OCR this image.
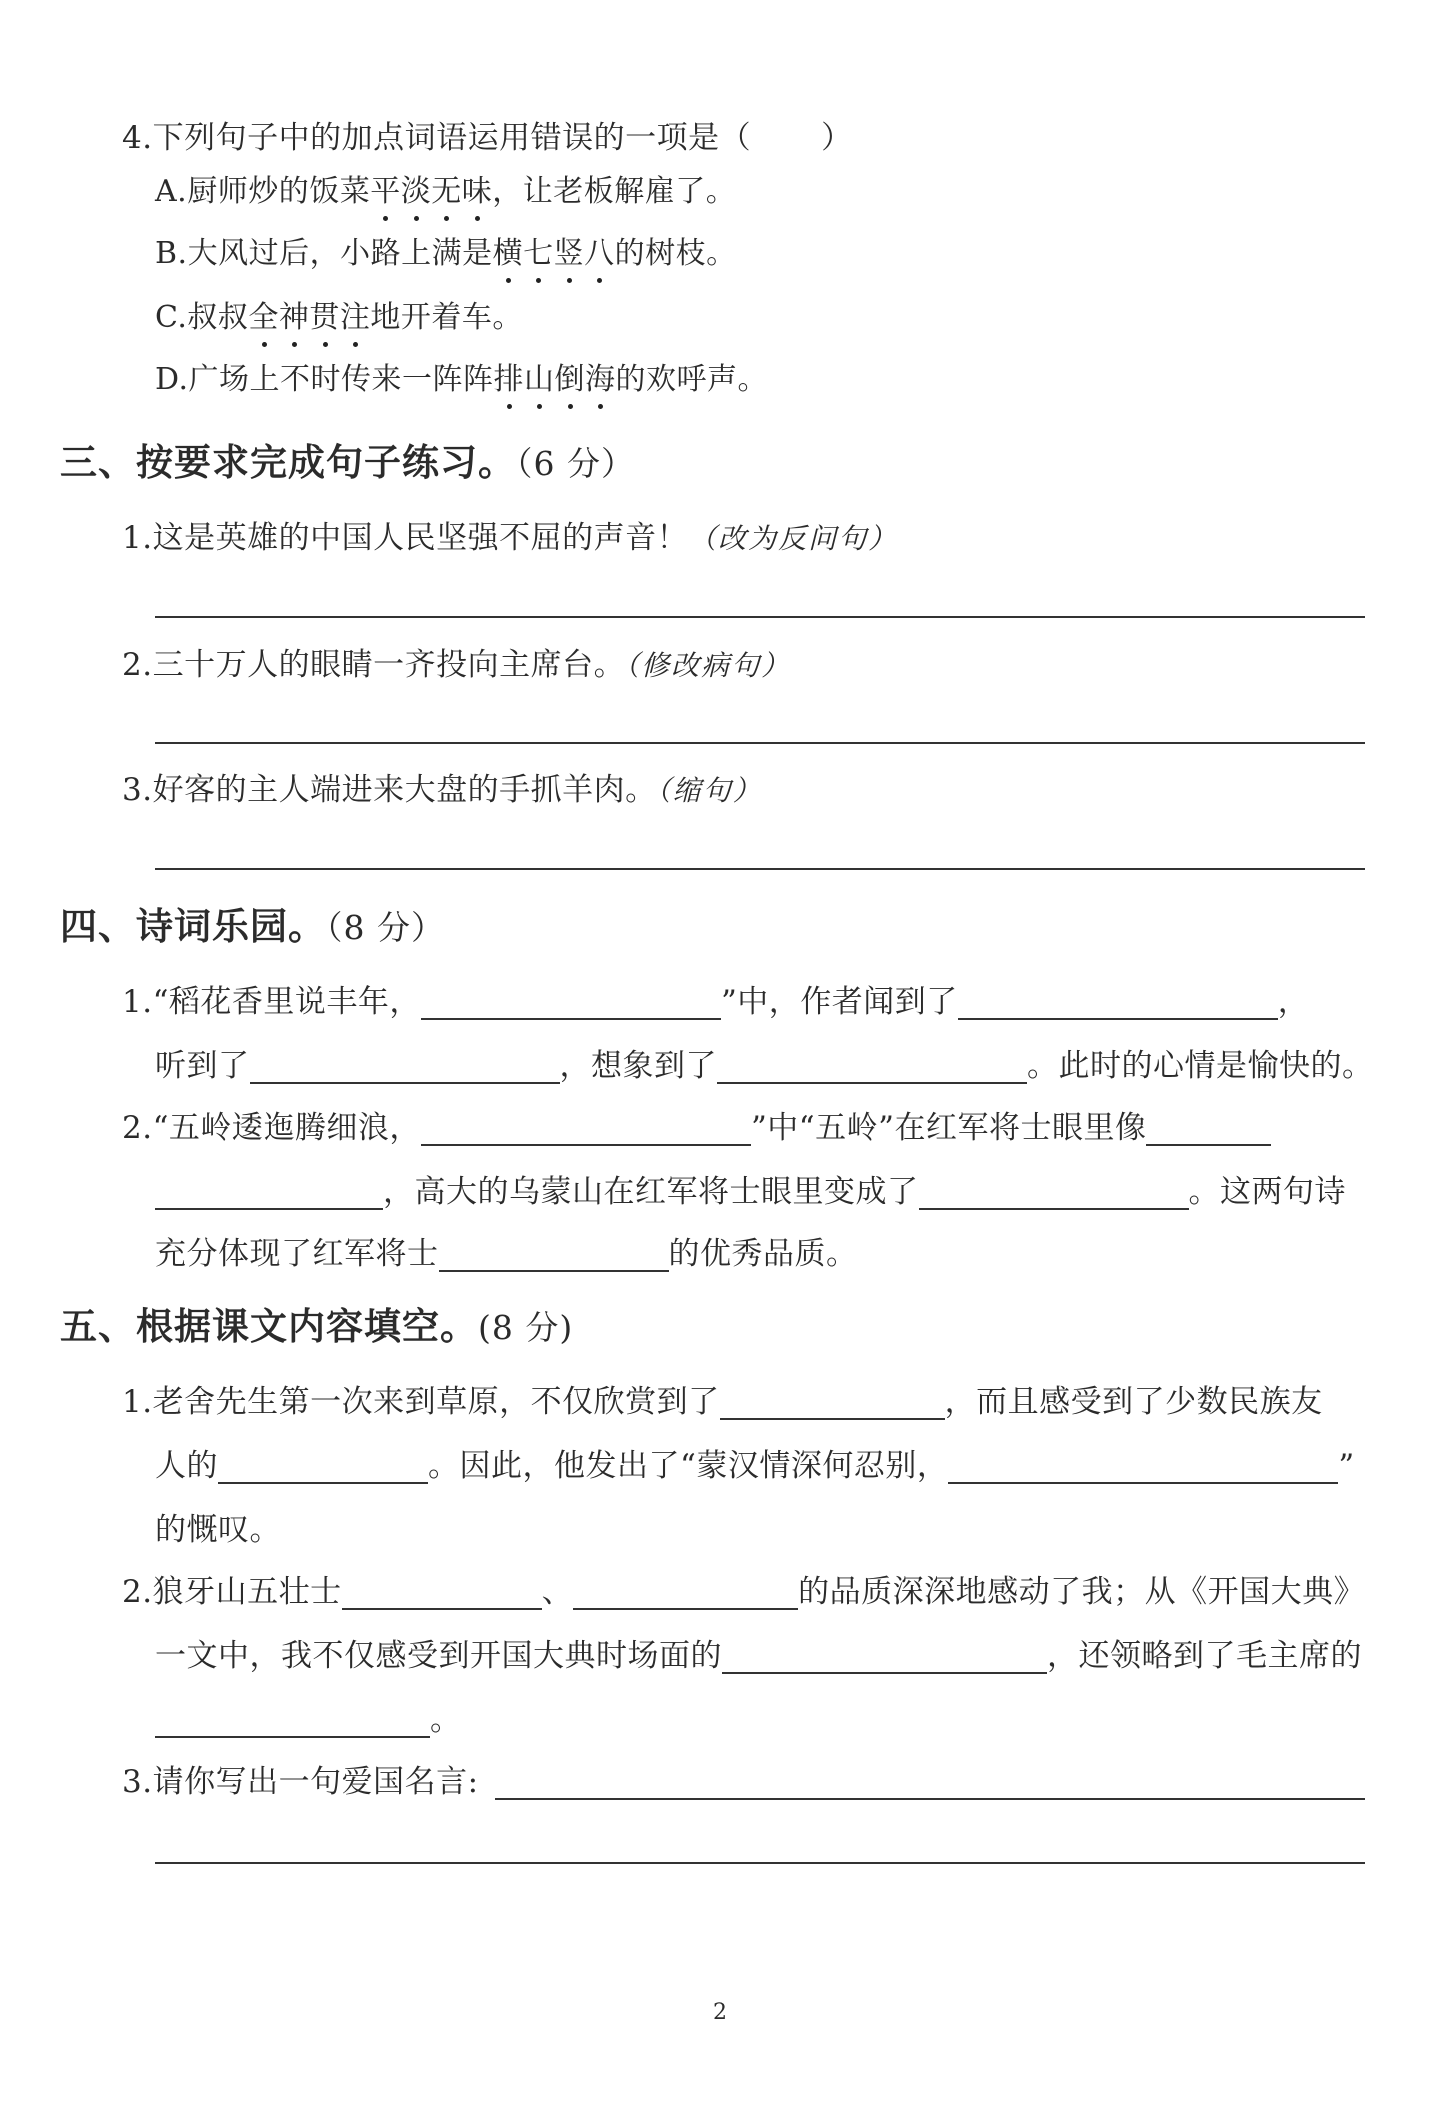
4.下列句子中的加点词语运用错误的一项是（ ）
A.厨师炒的饭菜平淡无味，让老板解雇了。
B.大风过后，小路上满是横七竖八的树枝。
C.叔叔全神贯注地开着车。
D.广场上不时传来一阵阵排山倒海的欢呼声。
三、按要求完成句子练习。（6 分）
1.这是英雄的中国人民坚强不屈的声音！（改为反问句）
2.三十万人的眼睛一齐投向主席台。（修改病句）
3.好客的主人端进来大盘的手抓羊肉。（缩句）
四、诗词乐园。（8 分）
1.“稻花香里说丰年，	”中，作者闻到了	，
听到了	，想象到了	。此时的心情是愉快的。
2.“五岭逶迤腾细浪，	”中“五岭”在红军将士眼里像
，高大的乌蒙山在红军将士眼里变成了	。这两句诗
充分体现了红军将士	的优秀品质。
五、根据课文内容填空。(8 分)
1.老舍先生第一次来到草原，不仅欣赏到了	，而且感受到了少数民族友
人的	。因此，他发出了“蒙汉情深何忍别，	”
的慨叹。
2.狼牙山五壮士	、	的品质深深地感动了我；从《开国大典》
一文中，我不仅感受到开国大典时场面的	，还领略到了毛主席的
。
3.请你写出一句爱国名言:
2
